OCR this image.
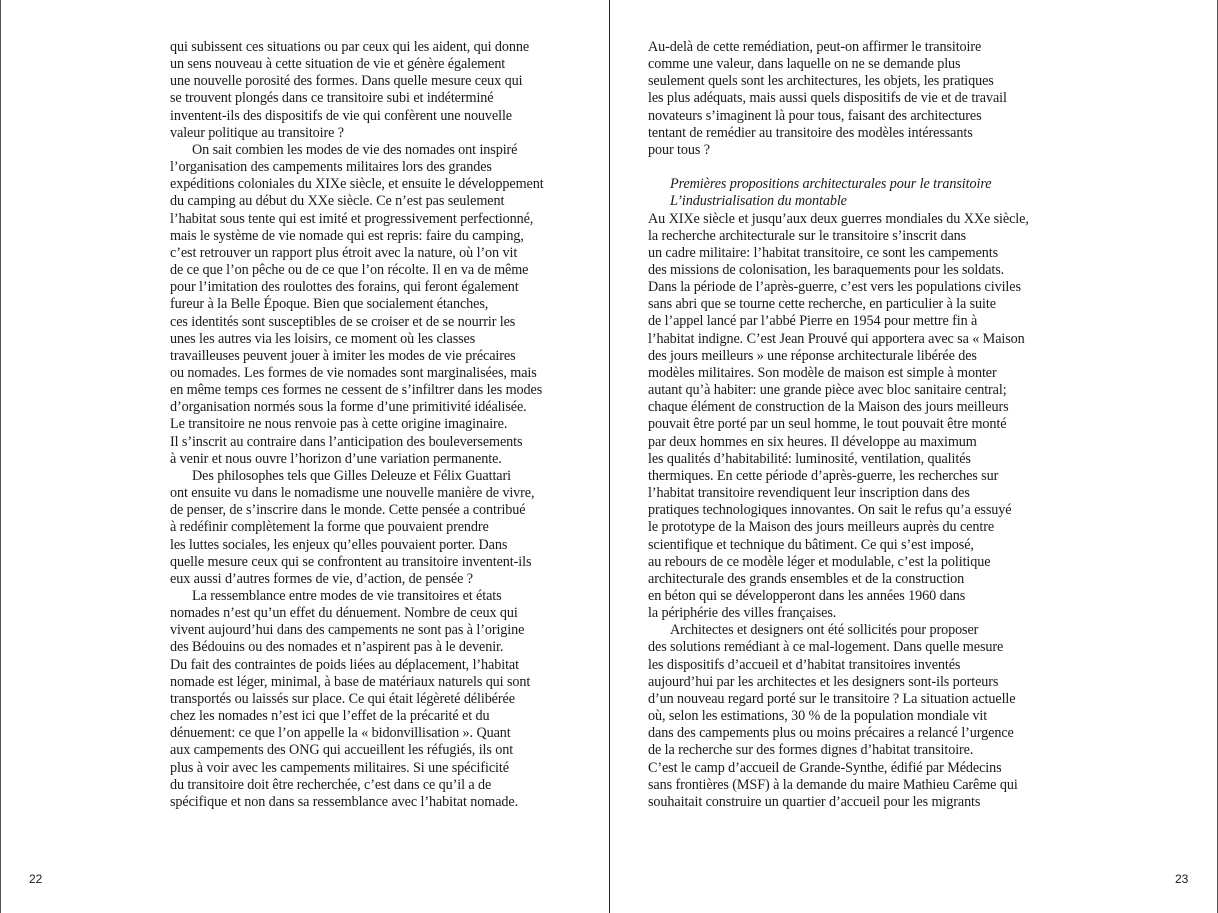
qui subissent ces situations ou par ceux qui les aident, qui donne
un sens nouveau à cette situation de vie et génère également
une nouvelle porosité des formes. Dans quelle mesure ceux qui
se trouvent plongés dans ce transitoire subi et indéterminé
inventent-ils des dispositifs de vie qui confèrent une nouvelle
valeur politique au transitoire ?
On sait combien les modes de vie des nomades ont inspiré
l’organisation des campements militaires lors des grandes
expéditions coloniales du XIXe siècle, et ensuite le développement
du camping au début du XXe siècle. Ce n’est pas seulement
l’habitat sous tente qui est imité et progressivement perfectionné,
mais le système de vie nomade qui est repris: faire du camping,
c’est retrouver un rapport plus étroit avec la nature, où l’on vit
de ce que l’on pêche ou de ce que l’on récolte. Il en va de même
pour l’imitation des roulottes des forains, qui feront également
fureur à la Belle Époque. Bien que socialement étanches,
ces identités sont susceptibles de se croiser et de se nourrir les
unes les autres via les loisirs, ce moment où les classes
travailleuses peuvent jouer à imiter les modes de vie précaires
ou nomades. Les formes de vie nomades sont marginalisées, mais
en même temps ces formes ne cessent de s’infiltrer dans les modes
d’organisation normés sous la forme d’une primitivité idéalisée.
Le transitoire ne nous renvoie pas à cette origine imaginaire.
Il s’inscrit au contraire dans l’anticipation des bouleversements
à venir et nous ouvre l’horizon d’une variation permanente.
Des philosophes tels que Gilles Deleuze et Félix Guattari
ont ensuite vu dans le nomadisme une nouvelle manière de vivre,
de penser, de s’inscrire dans le monde. Cette pensée a contribué
à redéfinir complètement la forme que pouvaient prendre
les luttes sociales, les enjeux qu’elles pouvaient porter. Dans
quelle mesure ceux qui se confrontent au transitoire inventent-ils
eux aussi d’autres formes de vie, d’action, de pensée ?
La ressemblance entre modes de vie transitoires et états
nomades n’est qu’un effet du dénuement. Nombre de ceux qui
vivent aujourd’hui dans des campements ne sont pas à l’origine
des Bédouins ou des nomades et n’aspirent pas à le devenir.
Du fait des contraintes de poids liées au déplacement, l’habitat
nomade est léger, minimal, à base de matériaux naturels qui sont
transportés ou laissés sur place. Ce qui était légèreté délibérée
chez les nomades n’est ici que l’effet de la précarité et du
dénuement: ce que l’on appelle la « bidonvillisation ». Quant
aux campements des ONG qui accueillent les réfugiés, ils ont
plus à voir avec les campements militaires. Si une spécificité
du transitoire doit être recherchée, c’est dans ce qu’il a de
spécifique et non dans sa ressemblance avec l’habitat nomade.
22
Au-delà de cette remédiation, peut-on affirmer le transitoire
comme une valeur, dans laquelle on ne se demande plus
seulement quels sont les architectures, les objets, les pratiques
les plus adéquats, mais aussi quels dispositifs de vie et de travail
novateurs s’imaginent là pour tous, faisant des architectures
tentant de remédier au transitoire des modèles intéressants
pour tous ?
Premières propositions architecturales pour le transitoire
L’industrialisation du montable
Au XIXe siècle et jusqu’aux deux guerres mondiales du XXe siècle,
la recherche architecturale sur le transitoire s’inscrit dans
un cadre militaire: l’habitat transitoire, ce sont les campements
des missions de colonisation, les baraquements pour les soldats.
Dans la période de l’après-guerre, c’est vers les populations civiles
sans abri que se tourne cette recherche, en particulier à la suite
de l’appel lancé par l’abbé Pierre en 1954 pour mettre fin à
l’habitat indigne. C’est Jean Prouvé qui apportera avec sa « Maison
des jours meilleurs » une réponse architecturale libérée des
modèles militaires. Son modèle de maison est simple à monter
autant qu’à habiter: une grande pièce avec bloc sanitaire central;
chaque élément de construction de la Maison des jours meilleurs
pouvait être porté par un seul homme, le tout pouvait être monté
par deux hommes en six heures. Il développe au maximum
les qualités d’habitabilité: luminosité, ventilation, qualités
thermiques. En cette période d’après-guerre, les recherches sur
l’habitat transitoire revendiquent leur inscription dans des
pratiques technologiques innovantes. On sait le refus qu’a essuyé
le prototype de la Maison des jours meilleurs auprès du centre
scientifique et technique du bâtiment. Ce qui s’est imposé,
au rebours de ce modèle léger et modulable, c’est la politique
architecturale des grands ensembles et de la construction
en béton qui se développeront dans les années 1960 dans
la périphérie des villes françaises.
Architectes et designers ont été sollicités pour proposer
des solutions remédiant à ce mal-logement. Dans quelle mesure
les dispositifs d’accueil et d’habitat transitoires inventés
aujourd’hui par les architectes et les designers sont-ils porteurs
d’un nouveau regard porté sur le transitoire ? La situation actuelle
où, selon les estimations, 30 % de la population mondiale vit
dans des campements plus ou moins précaires a relancé l’urgence
de la recherche sur des formes dignes d’habitat transitoire.
C’est le camp d’accueil de Grande-Synthe, édifié par Médecins
sans frontières (MSF) à la demande du maire Mathieu Carême qui
souhaitait construire un quartier d’accueil pour les migrants
23
